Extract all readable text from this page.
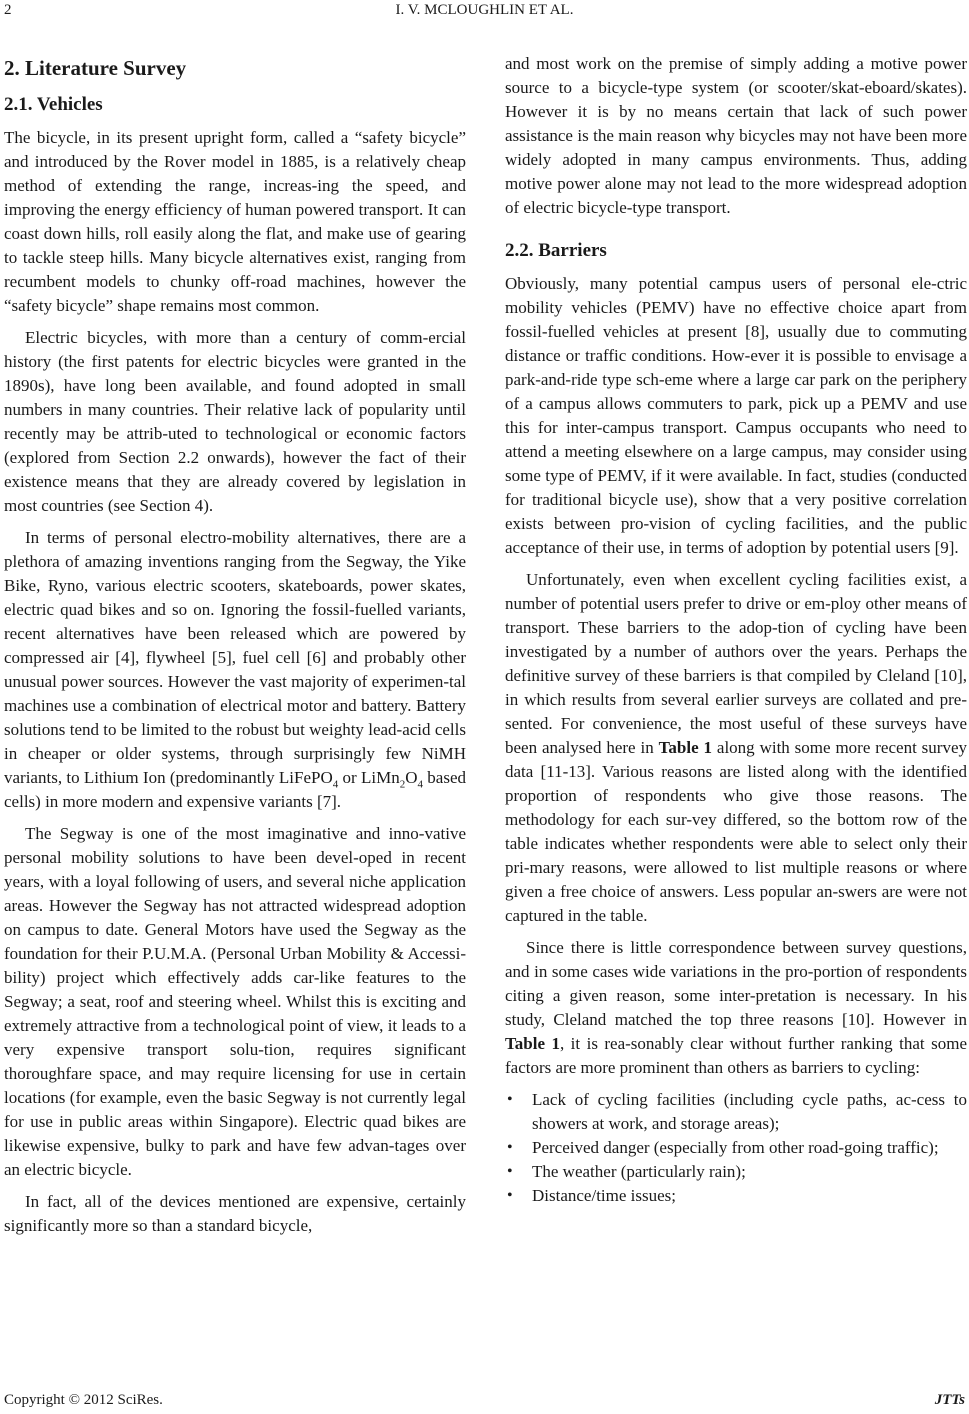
2	I. V. MCLOUGHLIN ET AL.
2. Literature Survey
2.1. Vehicles

The bicycle, in its present upright form, called a “safety bicycle” and introduced by the Rover model in 1885, is a relatively cheap method of extending the range, increas-ing the speed, and improving the energy efficiency of human powered transport. It can coast down hills, roll easily along the flat, and make use of gearing to tackle steep hills. Many bicycle alternatives exist, ranging from recumbent models to chunky off-road machines, however the “safety bicycle” shape remains most common.

Electric bicycles, with more than a century of comm-ercial history (the first patents for electric bicycles were granted in the 1890s), have long been available, and found adopted in small numbers in many countries. Their relative lack of popularity until recently may be attrib-uted to technological or economic factors (explored from Section 2.2 onwards), however the fact of their existence means that they are already covered by legislation in most countries (see Section 4).

In terms of personal electro-mobility alternatives, there are a plethora of amazing inventions ranging from the Segway, the Yike Bike, Ryno, various electric scooters, skateboards, power skates, electric quad bikes and so on. Ignoring the fossil-fuelled variants, recent alternatives have been released which are powered by compressed air [4], flywheel [5], fuel cell [6] and probably other unusual power sources. However the vast majority of experimen-tal machines use a combination of electrical motor and battery. Battery solutions tend to be limited to the robust but weighty lead-acid cells in cheaper or older systems, through surprisingly few NiMH variants, to Lithium Ion (predominantly LiFePO$_4$ or $LiMn_2O_4$ based cells) in more modern and expensive variants [7].

The Segway is one of the most imaginative and inno-vative personal mobility solutions to have been devel-oped in recent years, with a loyal following of users, and several niche application areas. However the Segway has not attracted widespread adoption on campus to date. General Motors have used the Segway as the foundation for their P.U.M.A. (Personal Urban Mobility & Accessi-bility) project which effectively adds car-like features to the Segway; a seat, roof and steering wheel. Whilst this is exciting and extremely attractive from a technological point of view, it leads to a very expensive transport solu-tion, requires significant thoroughfare space, and may require licensing for use in certain locations (for example, even the basic Segway is not currently legal for use in public areas within Singapore). Electric quad bikes are likewise expensive, bulky to park and have few advan-tages over an electric bicycle.

In fact, all of the devices mentioned are expensive, certainly significantly more so than a standard bicycle,

and most work on the premise of simply adding a motive power source to a bicycle-type system (or scooter/skat-eboard/skates). However it is by no means certain that lack of such power assistance is the main reason why bicycles may not have been more widely adopted in many campus environments. Thus, adding motive power alone may not lead to the more widespread adoption of electric bicycle-type transport.

2.2. Barriers

Obviously, many potential campus users of personal ele-ctric mobility vehicles (PEMV) have no effective choice apart from fossil-fuelled vehicles at present [8], usually due to commuting distance or traffic conditions. How-ever it is possible to envisage a park-and-ride type sch-eme where a large car park on the periphery of a campus allows commuters to park, pick up a PEMV and use this for inter-campus transport. Campus occupants who need to attend a meeting elsewhere on a large campus, may consider using some type of PEMV, if it were available. In fact, studies (conducted for traditional bicycle use), show that a very positive correlation exists between pro-vision of cycling facilities, and the public acceptance of their use, in terms of adoption by potential users [9].

Unfortunately, even when excellent cycling facilities exist, a number of potential users prefer to drive or em-ploy other means of transport. These barriers to the adop-tion of cycling have been investigated by a number of authors over the years. Perhaps the definitive survey of these barriers is that compiled by Cleland [10], in which results from several earlier surveys are collated and pre-sented. For convenience, the most useful of these surveys have been analysed here in Table 1 along with some more recent survey data [11-13]. Various reasons are listed along with the identified proportion of respondents who give those reasons. The methodology for each sur-vey differed, so the bottom row of the table indicates whether respondents were able to select only their pri-mary reasons, were allowed to list multiple reasons or where given a free choice of answers. Less popular an-swers are were not captured in the table.

Since there is little correspondence between survey questions, and in some cases wide variations in the pro-portion of respondents citing a given reason, some inter-pretation is necessary. In his study, Cleland matched the top three reasons [10]. However in Table 1, it is rea-sonably clear without further ranking that some factors are more prominent than others as barriers to cycling:

• Lack of cycling facilities (including cycle paths, ac-cess to showers at work, and storage areas);
• Perceived danger (especially from other road-going traffic);
• The weather (particularly rain);
• Distance/time issues;
Copyright © 2012 SciRes.	JTTs
